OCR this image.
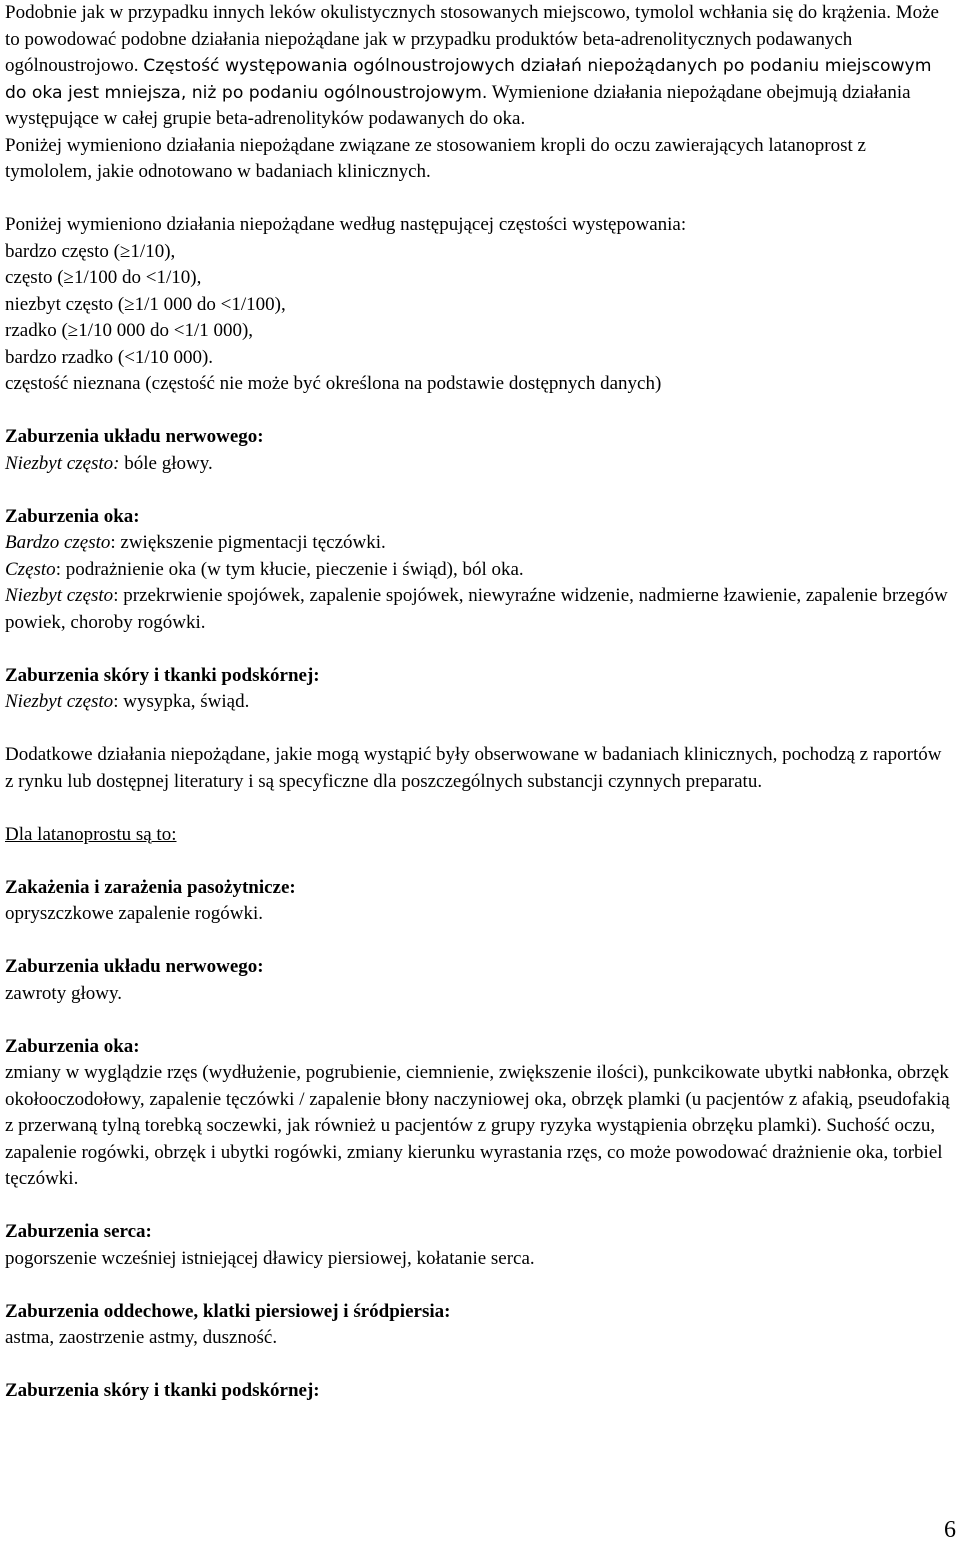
Podobnie jak w przypadku innych leków okulistycznych stosowanych miejscowo, tymolol wchłania się do krążenia. Może to powodować podobne działania niepożądane jak w przypadku produktów beta-adrenolitycznych podawanych ogólnoustrojowo. Częstość występowania ogólnoustrojowych działań niepożądanych po podaniu miejscowym do oka jest mniejsza, niż po podaniu ogólnoustrojowym. Wymienione działania niepożądane obejmują działania występujące w całej grupie beta-adrenolityków podawanych do oka.

Poniżej wymieniono działania niepożądane związane ze stosowaniem kropli do oczu zawierających latanoprost z tymololem, jakie odnotowano w badaniach klinicznych.

Poniżej wymieniono działania niepożądane według następującej częstości występowania:

bardzo często (≥1/10),
często (≥1/100 do <1/10),
niezbyt często (≥1/1 000 do <1/100),
rzadko (≥1/10 000 do <1/1 000),
bardzo rzadko (<1/10 000).

częstość nieznana (częstość nie może być określona na podstawie dostępnych danych)

Zaburzenia układu nerwowego:

Niezbyt często: bóle głowy.

Zaburzenia oka:

Bardzo często: zwiększenie pigmentacji tęczówki.

Często: podrażnienie oka (w tym kłucie, pieczenie i świąd), ból oka.

Niezbyt często: przekrwienie spojówek, zapalenie spojówek, niewyraźne widzenie, nadmierne łzawienie, zapalenie brzegów powiek, choroby rogówki.

Zaburzenia skóry i tkanki podskórnej:

Niezbyt często: wysypka, świąd.

Dodatkowe działania niepożądane, jakie mogą wystąpić były obserwowane w badaniach klinicznych, pochodzą z raportów z rynku lub dostępnej literatury i są specyficzne dla poszczególnych substancji czynnych preparatu.

Dla latanoprostu są to:

Zakażenia i zarażenia pasożytnicze:

opryszczkowe zapalenie rogówki.

Zaburzenia układu nerwowego:

zawroty głowy.

Zaburzenia oka:

zmiany w wyglądzie rzęs (wydłużenie, pogrubienie, ciemnienie, zwiększenie ilości), punkcikowate ubytki nabłonka, obrzęk okołooczodołowy, zapalenie tęczówki / zapalenie błony naczyniowej oka, obrzęk plamki (u pacjentów z afakią, pseudofakią z przerwaną tylną torebką soczewki, jak również u pacjentów z grupy ryzyka wystąpienia obrzęku plamki). Suchość oczu, zapalenie rogówki, obrzęk i ubytki rogówki, zmiany kierunku wyrastania rzęs, co może powodować drażnienie oka, torbiel tęczówki.

Zaburzenia serca:

pogorszenie wcześniej istniejącej dławicy piersiowej, kołatanie serca.

Zaburzenia oddechowe, klatki piersiowej i śródpiersia:

astma, zaostrzenie astmy, duszność.

Zaburzenia skóry i tkanki podskórnej:

6
